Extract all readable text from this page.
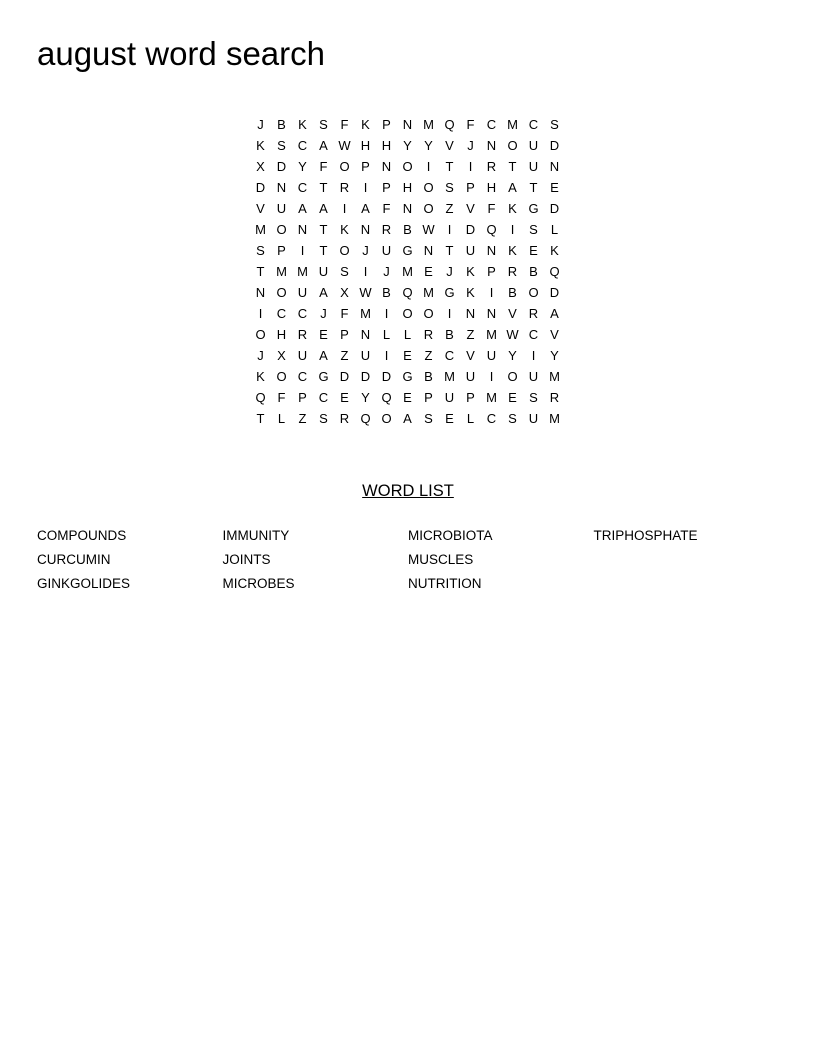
august word search
J	B	K	S	F	K	P	N	M	Q	F	C	M	C	S
K	S	C	A	W	H	H	Y	Y	V	J	N	O	U	D
X	D	Y	F	O	P	N	O	I	T	I	R	T	U	N
D	N	C	T	R	I	P	H	O	S	P	H	A	T	E
V	U	A	A	I	A	F	N	O	Z	V	F	K	G	D
M	O	N	T	K	N	R	B	W	I	D	Q	I	S	L
S	P	I	T	O	J	U	G	N	T	U	N	K	E	K
T	M	M	U	S	I	J	M	E	J	K	P	R	B	Q
N	O	U	A	X	W	B	Q	M	G	K	I	B	O	D
I	C	C	J	F	M	I	O	O	I	N	N	V	R	A
O	H	R	E	P	N	L	L	R	B	Z	M	W	C	V
J	X	U	A	Z	U	I	E	Z	C	V	U	Y	I	Y
K	O	C	G	D	D	D	G	B	M	U	I	O	U	M
Q	F	P	C	E	Y	Q	E	P	U	P	M	E	S	R
T	L	Z	S	R	Q	O	A	S	E	L	C	S	U	M
WORD LIST
COMPOUNDS
CURCUMIN
GINKGOLIDES
IMMUNITY
JOINTS
MICROBES
MICROBIOTA
MUSCLES
NUTRITION
TRIPHOSPHATE
